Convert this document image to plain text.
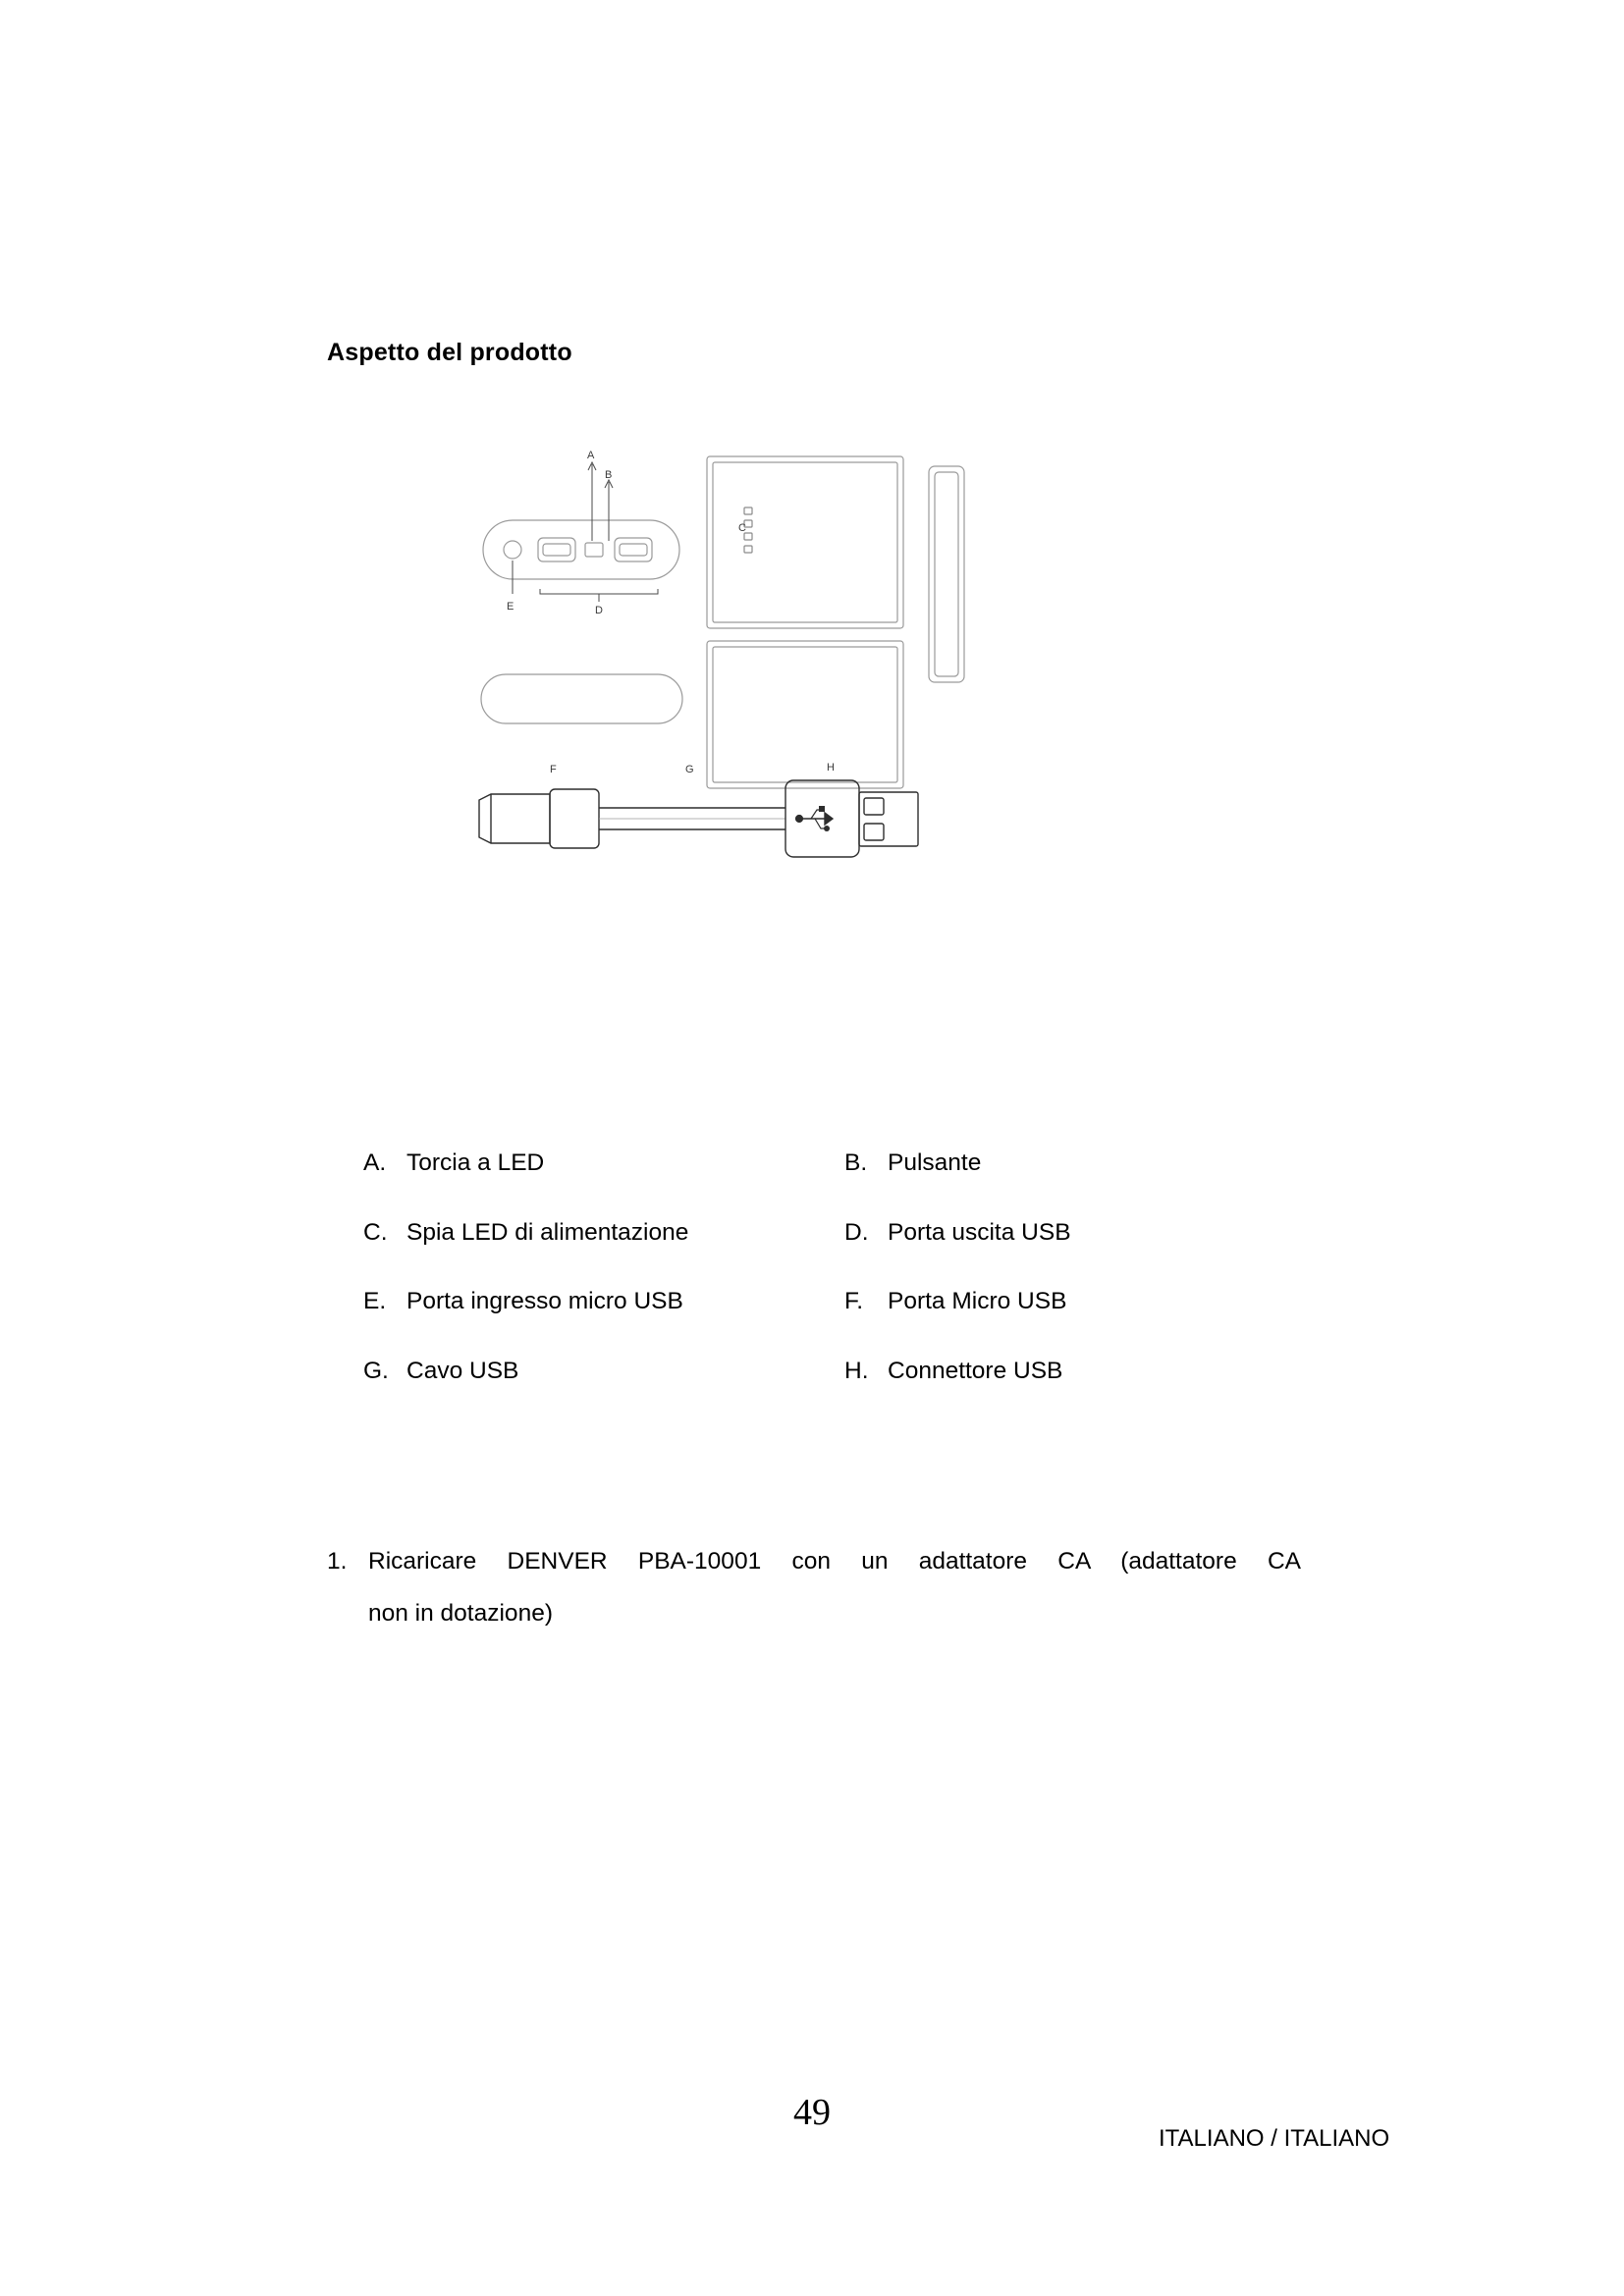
Aspetto del prodotto
A
B
C
D
E
F	G	H
A. Torcia a LED	B. Pulsante
C. Spia LED di alimentazione	D. Porta uscita USB
E. Porta ingresso micro USB	F.	Porta Micro USB
G. Cavo USB	H. Connettore USB
1. Ricaricare DENVER PBA-10001 con un adattatore CA (adattatore CA
non in dotazione)
49
ITALIANO / ITALIANO
